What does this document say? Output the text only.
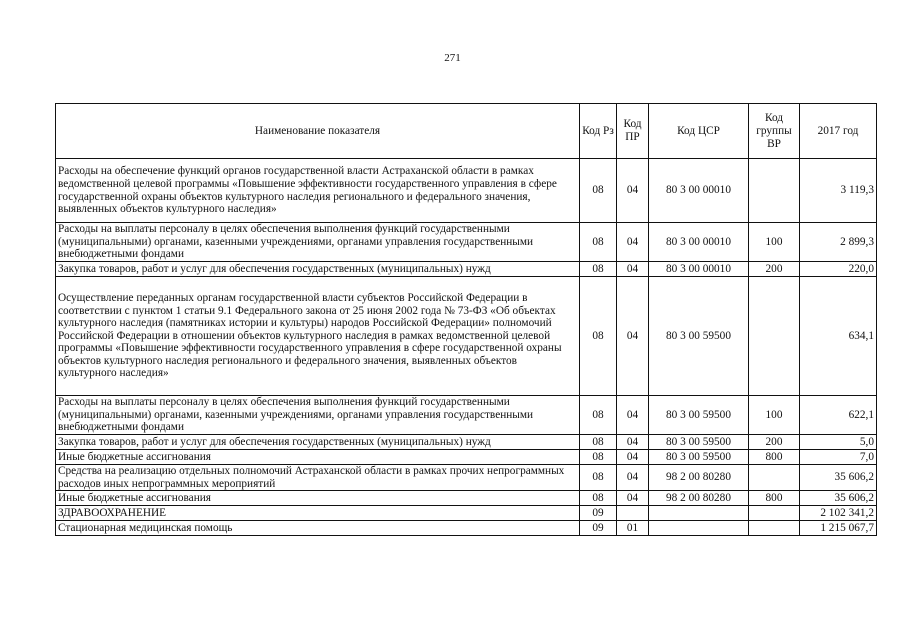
271
Наименование показателя	Код Рз	Код ПР	Код ЦСР	Код группы ВР	2017 год
Расходы на обеспечение функций органов государственной власти Астраханской области в рамках ведомственной целевой программы «Повышение эффективности государственного управления в сфере государственной охраны объектов культурного наследия регионального и федерального значения, выявленных объектов культурного наследия»	08	04	80 3 00 00010		3 119,3
Расходы на выплаты персоналу в целях обеспечения выполнения функций государственными (муниципальными) органами, казенными учреждениями, органами управления государственными внебюджетными фондами	08	04	80 3 00 00010	100	2 899,3
Закупка товаров, работ и услуг для обеспечения государственных (муниципальных) нужд	08	04	80 3 00 00010	200	220,0
Осуществление переданных органам государственной власти субъектов Российской Федерации в соответствии с пунктом 1 статьи 9.1 Федерального закона от 25 июня 2002 года № 73-ФЗ «Об объектах культурного наследия (памятниках истории и культуры) народов Российской Федерации» полномочий Российской Федерации в отношении объектов культурного наследия в рамках ведомственной целевой программы «Повышение эффективности государственного управления в сфере государственной охраны объектов культурного наследия регионального и федерального значения, выявленных объектов культурного наследия»	08	04	80 3 00 59500		634,1
Расходы на выплаты персоналу в целях обеспечения выполнения функций государственными (муниципальными) органами, казенными учреждениями, органами управления государственными внебюджетными фондами	08	04	80 3 00 59500	100	622,1
Закупка товаров, работ и услуг для обеспечения государственных (муниципальных) нужд	08	04	80 3 00 59500	200	5,0
Иные бюджетные ассигнования	08	04	80 3 00 59500	800	7,0
Средства на реализацию отдельных полномочий Астраханской области в рамках прочих непрограммных расходов иных непрограммных мероприятий	08	04	98 2 00 80280		35 606,2
Иные бюджетные ассигнования	08	04	98 2 00 80280	800	35 606,2
ЗДРАВООХРАНЕНИЕ	09				2 102 341,2
Стационарная медицинская помощь	09	01			1 215 067,7
